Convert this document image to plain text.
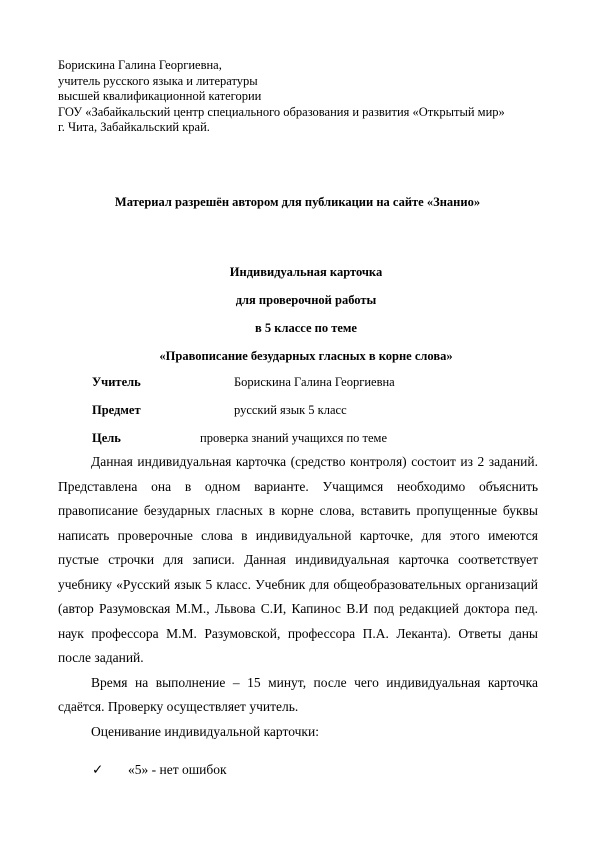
Борискина Галина Георгиевна,
учитель русского языка и литературы
высшей квалификационной категории
ГОУ «Забайкальский центр специального образования и развития «Открытый мир»
г. Чита, Забайкальский край.
Материал разрешён автором для публикации на сайте «Знанио»
Индивидуальная карточка
для проверочной работы
в 5 классе по теме
«Правописание безударных гласных в корне слова»
Учитель	Борискина Галина Георгиевна
Предмет	русский язык 5 класс
Цель	проверка знаний учащихся по теме

Данная индивидуальная карточка (средство контроля) состоит из 2 заданий. Представлена она в одном варианте. Учащимся необходимо объяснить правописание безударных гласных в корне слова, вставить пропущенные буквы написать проверочные слова в индивидуальной карточке, для этого имеются пустые строчки для записи. Данная индивидуальная карточка соответствует учебнику «Русский язык 5 класс. Учебник для общеобразовательных организаций (автор Разумовская М.М., Львова С.И, Капинос В.И под редакцией доктора пед. наук профессора М.М. Разумовской, профессора П.А. Леканта). Ответы даны после заданий.

Время на выполнение – 15 минут, после чего индивидуальная карточка сдаётся. Проверку осуществляет учитель.

Оценивание индивидуальной карточки:

✓ «5» - нет ошибок
